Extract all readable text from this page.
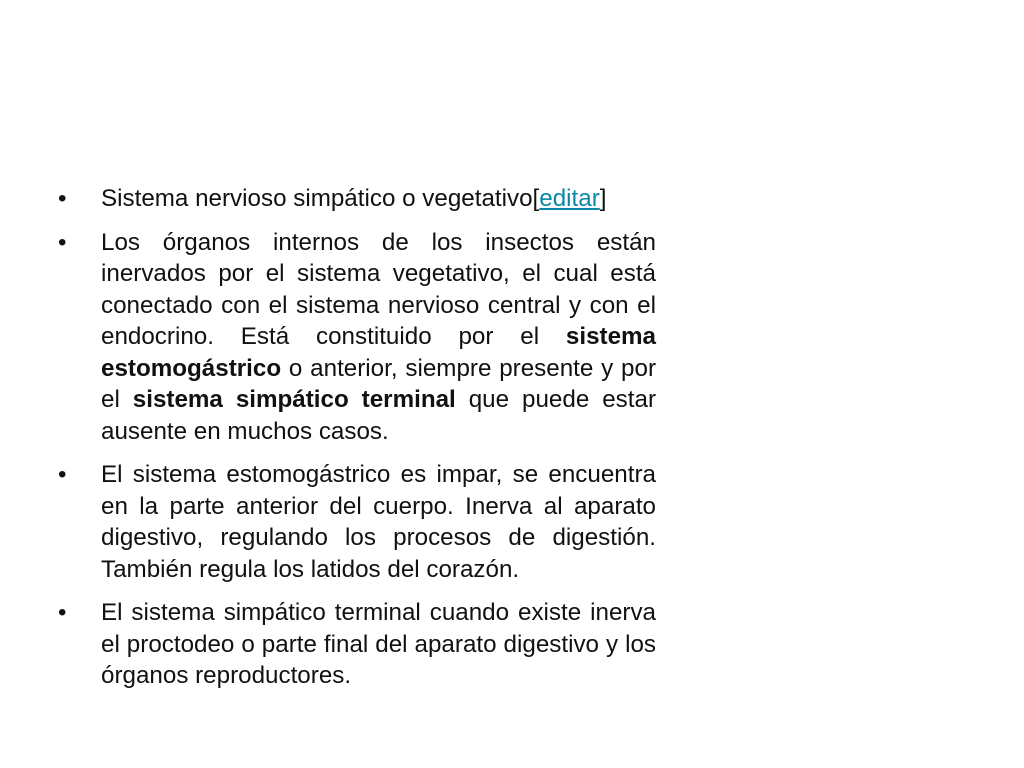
• Sistema nervioso simpático o vegetativo[editar]
• Los órganos internos de los insectos están inervados por el sistema vegetativo, el cual está conectado con el sistema nervioso central y con el endocrino. Está constituido por el sistema estomogástrico o anterior, siempre presente y por el sistema simpático terminal que puede estar ausente en muchos casos.
• El sistema estomogástrico es impar, se encuentra en la parte anterior del cuerpo. Inerva al aparato digestivo, regulando los procesos de digestión. También regula los latidos del corazón.
• El sistema simpático terminal cuando existe inerva el proctodeo o parte final del aparato digestivo y los órganos reproductores.
